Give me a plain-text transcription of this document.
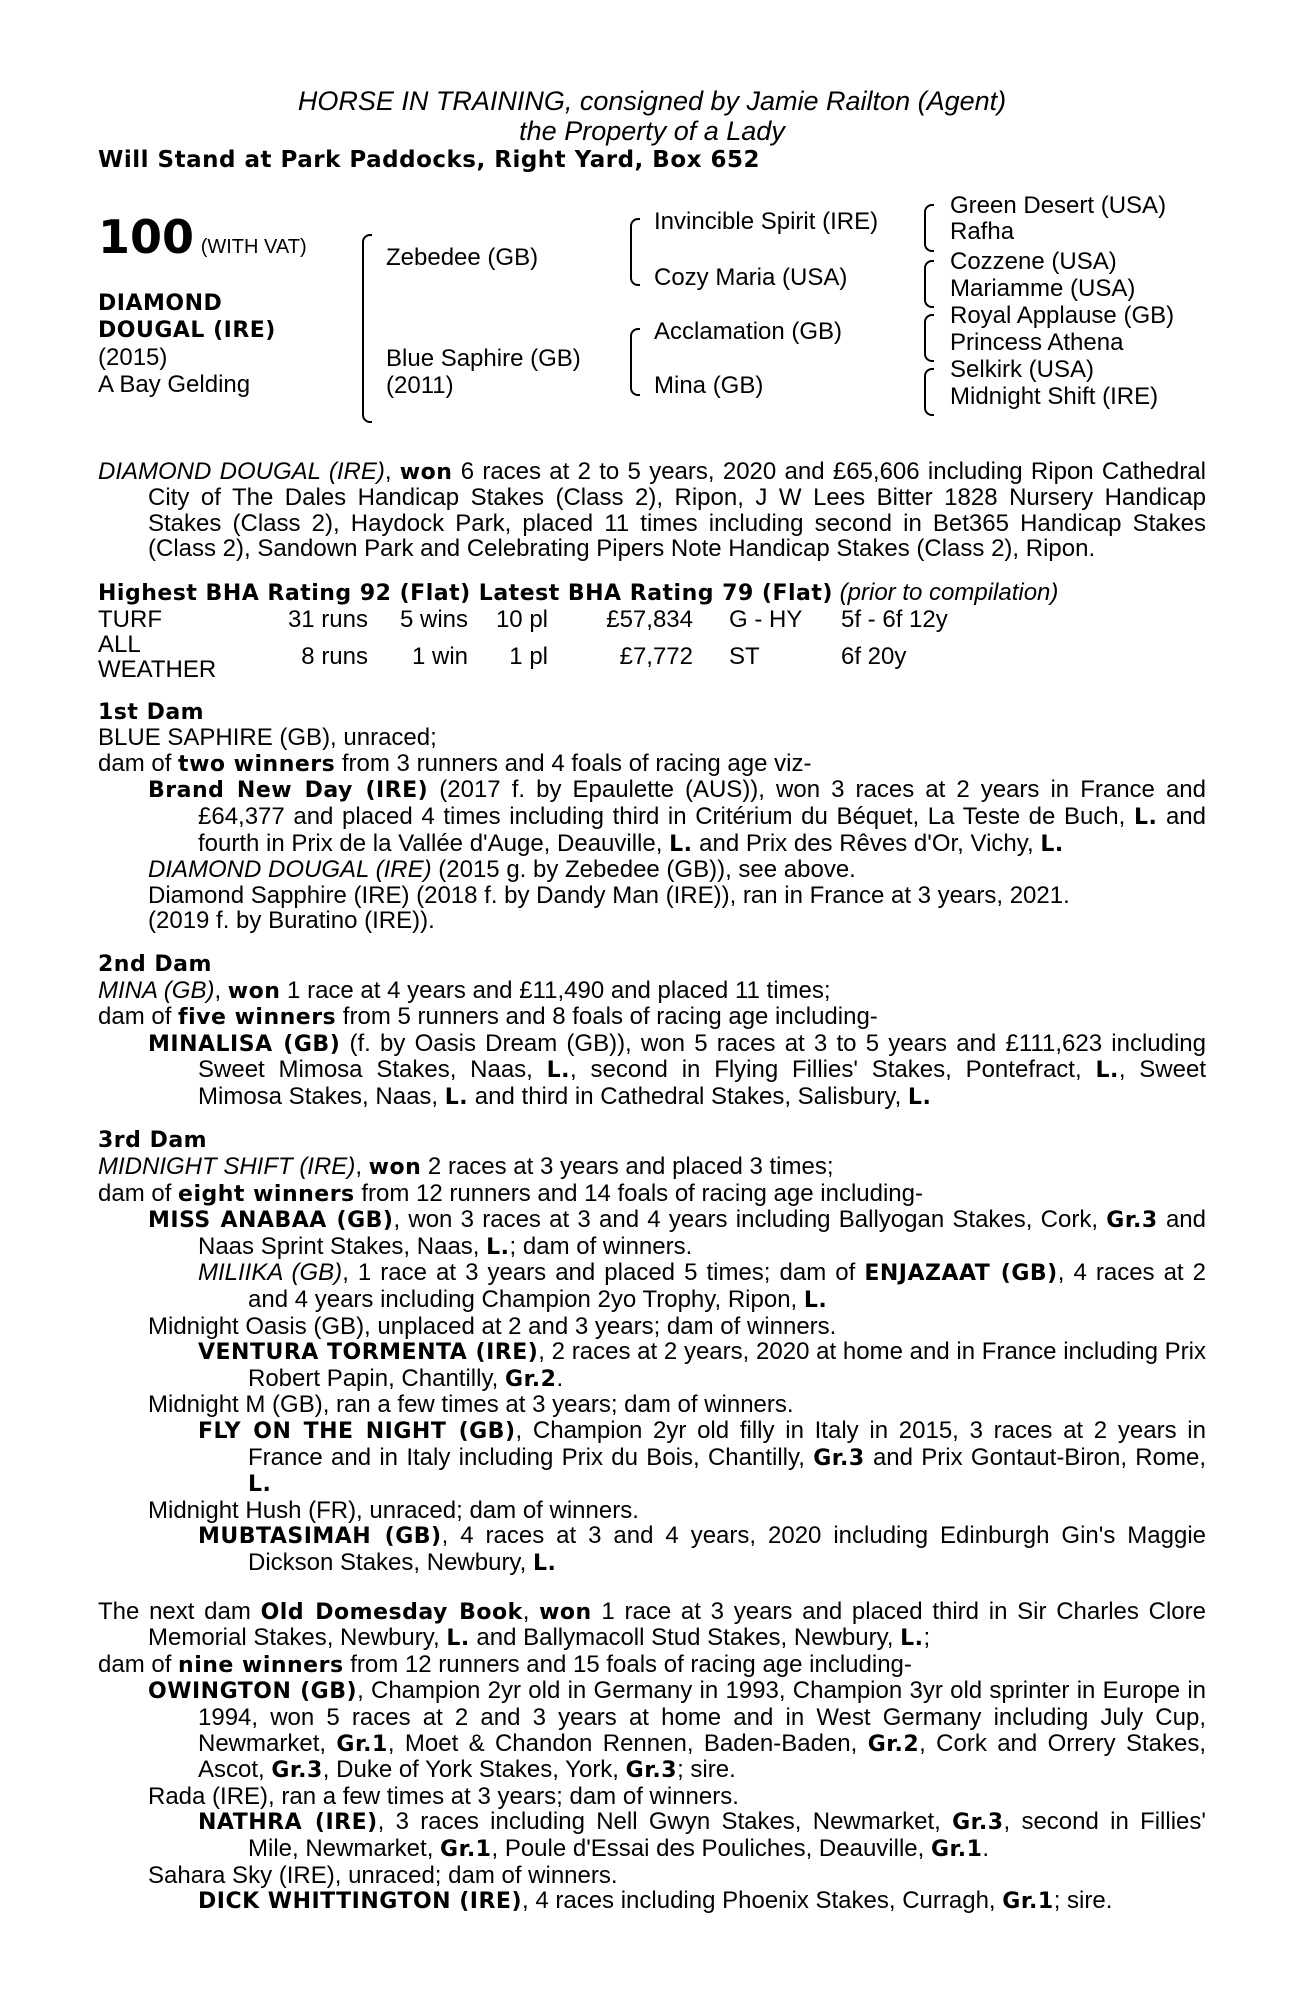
HORSE IN TRAINING, consigned by Jamie Railton (Agent)
the Property of a Lady
Will Stand at Park Paddocks, Right Yard, Box 652
100 (WITH VAT)
DIAMOND
DOUGAL (IRE)
(2015)
A Bay Gelding
Zebedee (GB)
Blue Saphire (GB)
(2011)
Invincible Spirit (IRE)
Cozy Maria (USA)
Acclamation (GB)
Mina (GB)
Green Desert (USA)
Rafha
Cozzene (USA)
Mariamme (USA)
Royal Applause (GB)
Princess Athena
Selkirk (USA)
Midnight Shift (IRE)
DIAMOND DOUGAL (IRE), won 6 races at 2 to 5 years, 2020 and £65,606 including Ripon Cathedral City of The Dales Handicap Stakes (Class 2), Ripon, J W Lees Bitter 1828 Nursery Handicap Stakes (Class 2), Haydock Park, placed 11 times including second in Bet365 Handicap Stakes (Class 2), Sandown Park and Celebrating Pipers Note Handicap Stakes (Class 2), Ripon.
Highest BHA Rating 92 (Flat) Latest BHA Rating 79 (Flat) (prior to compilation)
TURF	31 runs	5 wins	10 pl	£57,834	G - HY	5f - 6f 12y
ALL WEATHER	8 runs	1 win	1 pl	£7,772	ST	6f 20y
1st Dam
BLUE SAPHIRE (GB), unraced;
dam of two winners from 3 runners and 4 foals of racing age viz-
Brand New Day (IRE) (2017 f. by Epaulette (AUS)), won 3 races at 2 years in France and £64,377 and placed 4 times including third in Critérium du Béquet, La Teste de Buch, L. and fourth in Prix de la Vallée d'Auge, Deauville, L. and Prix des Rêves d'Or, Vichy, L.
DIAMOND DOUGAL (IRE) (2015 g. by Zebedee (GB)), see above.
Diamond Sapphire (IRE) (2018 f. by Dandy Man (IRE)), ran in France at 3 years, 2021.
(2019 f. by Buratino (IRE)).
2nd Dam
MINA (GB), won 1 race at 4 years and £11,490 and placed 11 times;
dam of five winners from 5 runners and 8 foals of racing age including-
MINALISA (GB) (f. by Oasis Dream (GB)), won 5 races at 3 to 5 years and £111,623 including Sweet Mimosa Stakes, Naas, L., second in Flying Fillies' Stakes, Pontefract, L., Sweet Mimosa Stakes, Naas, L. and third in Cathedral Stakes, Salisbury, L.
3rd Dam
MIDNIGHT SHIFT (IRE), won 2 races at 3 years and placed 3 times;
dam of eight winners from 12 runners and 14 foals of racing age including-
MISS ANABAA (GB), won 3 races at 3 and 4 years including Ballyogan Stakes, Cork, Gr.3 and Naas Sprint Stakes, Naas, L.; dam of winners.
MILIIKA (GB), 1 race at 3 years and placed 5 times; dam of ENJAZAAT (GB), 4 races at 2 and 4 years including Champion 2yo Trophy, Ripon, L.
Midnight Oasis (GB), unplaced at 2 and 3 years; dam of winners.
VENTURA TORMENTA (IRE), 2 races at 2 years, 2020 at home and in France including Prix Robert Papin, Chantilly, Gr.2.
Midnight M (GB), ran a few times at 3 years; dam of winners.
FLY ON THE NIGHT (GB), Champion 2yr old filly in Italy in 2015, 3 races at 2 years in France and in Italy including Prix du Bois, Chantilly, Gr.3 and Prix Gontaut-Biron, Rome, L.
Midnight Hush (FR), unraced; dam of winners.
MUBTASIMAH (GB), 4 races at 3 and 4 years, 2020 including Edinburgh Gin's Maggie Dickson Stakes, Newbury, L.
The next dam Old Domesday Book, won 1 race at 3 years and placed third in Sir Charles Clore Memorial Stakes, Newbury, L. and Ballymacoll Stud Stakes, Newbury, L.;
dam of nine winners from 12 runners and 15 foals of racing age including-
OWINGTON (GB), Champion 2yr old in Germany in 1993, Champion 3yr old sprinter in Europe in 1994, won 5 races at 2 and 3 years at home and in West Germany including July Cup, Newmarket, Gr.1, Moet & Chandon Rennen, Baden-Baden, Gr.2, Cork and Orrery Stakes, Ascot, Gr.3, Duke of York Stakes, York, Gr.3; sire.
Rada (IRE), ran a few times at 3 years; dam of winners.
NATHRA (IRE), 3 races including Nell Gwyn Stakes, Newmarket, Gr.3, second in Fillies' Mile, Newmarket, Gr.1, Poule d'Essai des Pouliches, Deauville, Gr.1.
Sahara Sky (IRE), unraced; dam of winners.
DICK WHITTINGTON (IRE), 4 races including Phoenix Stakes, Curragh, Gr.1; sire.
